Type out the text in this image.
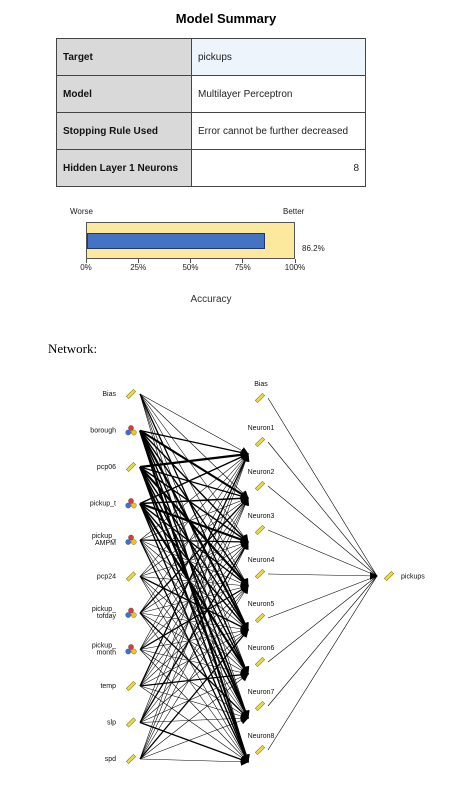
Model Summary
Target	pickups
Model	Multilayer Perceptron
Stopping Rule Used	Error cannot be further decreased
Hidden Layer 1 Neurons	8
Worse	Better
86.2%
0%	25%	50%	75%	100%
Accuracy
Network:
Bias
borough
pcp06
pickup_t
pickup_ AMPM
pcp24
pickup_ tofday
pickup_ month
temp
slp
spd
Bias
Neuron1
Neuron2
Neuron3
Neuron4
Neuron5
Neuron6
Neuron7
Neuron8
pickups
